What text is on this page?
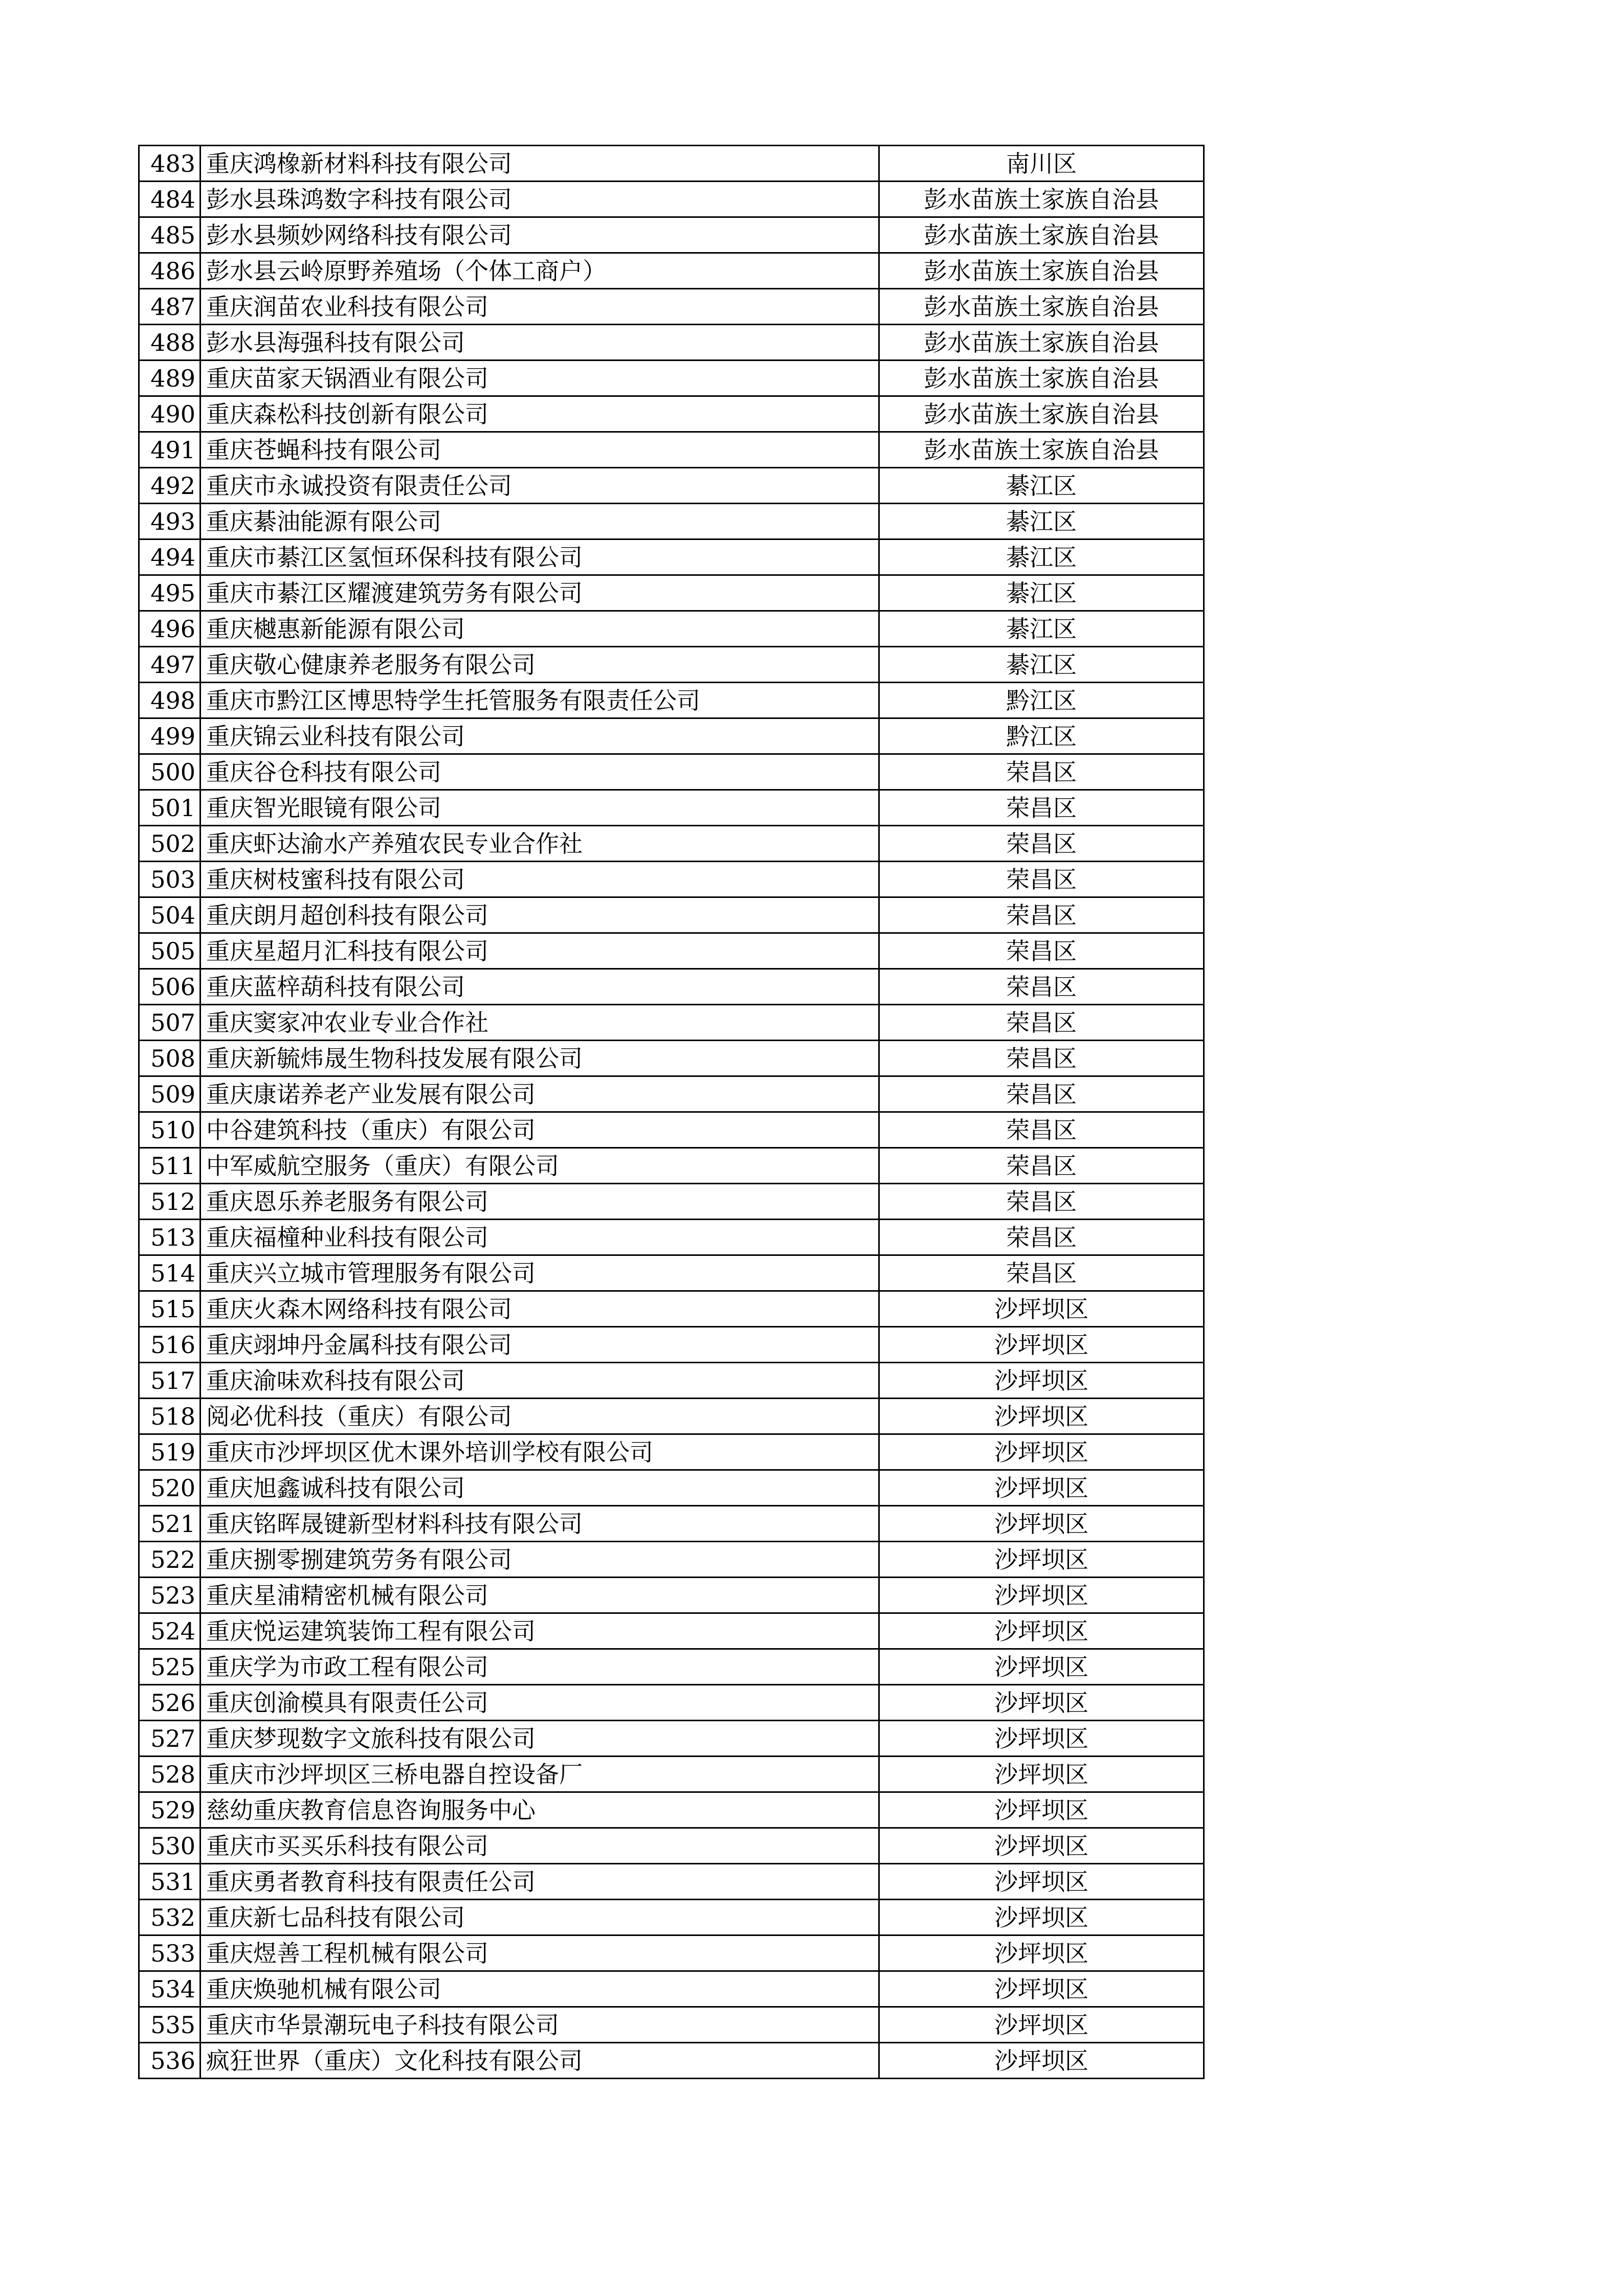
483	重庆鸿橡新材料科技有限公司	南川区
484	彭水县珠鸿数字科技有限公司	彭水苗族土家族自治县
485	彭水县频妙网络科技有限公司	彭水苗族土家族自治县
486	彭水县云岭原野养殖场（个体工商户）	彭水苗族土家族自治县
487	重庆润苗农业科技有限公司	彭水苗族土家族自治县
488	彭水县海强科技有限公司	彭水苗族土家族自治县
489	重庆苗家天锅酒业有限公司	彭水苗族土家族自治县
490	重庆森松科技创新有限公司	彭水苗族土家族自治县
491	重庆苍蝇科技有限公司	彭水苗族土家族自治县
492	重庆市永诚投资有限责任公司	綦江区
493	重庆綦油能源有限公司	綦江区
494	重庆市綦江区氢恒环保科技有限公司	綦江区
495	重庆市綦江区耀渡建筑劳务有限公司	綦江区
496	重庆樾惠新能源有限公司	綦江区
497	重庆敬心健康养老服务有限公司	綦江区
498	重庆市黔江区博思特学生托管服务有限责任公司	黔江区
499	重庆锦云业科技有限公司	黔江区
500	重庆谷仓科技有限公司	荣昌区
501	重庆智光眼镜有限公司	荣昌区
502	重庆虾达渝水产养殖农民专业合作社	荣昌区
503	重庆树枝蜜科技有限公司	荣昌区
504	重庆朗月超创科技有限公司	荣昌区
505	重庆星超月汇科技有限公司	荣昌区
506	重庆蓝梓葫科技有限公司	荣昌区
507	重庆窦家冲农业专业合作社	荣昌区
508	重庆新毓炜晟生物科技发展有限公司	荣昌区
509	重庆康诺养老产业发展有限公司	荣昌区
510	中谷建筑科技（重庆）有限公司	荣昌区
511	中军威航空服务（重庆）有限公司	荣昌区
512	重庆恩乐养老服务有限公司	荣昌区
513	重庆福橦种业科技有限公司	荣昌区
514	重庆兴立城市管理服务有限公司	荣昌区
515	重庆火森木网络科技有限公司	沙坪坝区
516	重庆翊坤丹金属科技有限公司	沙坪坝区
517	重庆渝味欢科技有限公司	沙坪坝区
518	阅必优科技（重庆）有限公司	沙坪坝区
519	重庆市沙坪坝区优木课外培训学校有限公司	沙坪坝区
520	重庆旭鑫诚科技有限公司	沙坪坝区
521	重庆铭晖晟键新型材料科技有限公司	沙坪坝区
522	重庆捌零捌建筑劳务有限公司	沙坪坝区
523	重庆星浦精密机械有限公司	沙坪坝区
524	重庆悦运建筑装饰工程有限公司	沙坪坝区
525	重庆学为市政工程有限公司	沙坪坝区
526	重庆创渝模具有限责任公司	沙坪坝区
527	重庆梦现数字文旅科技有限公司	沙坪坝区
528	重庆市沙坪坝区三桥电器自控设备厂	沙坪坝区
529	慈幼重庆教育信息咨询服务中心	沙坪坝区
530	重庆市买买乐科技有限公司	沙坪坝区
531	重庆勇者教育科技有限责任公司	沙坪坝区
532	重庆新七品科技有限公司	沙坪坝区
533	重庆煜善工程机械有限公司	沙坪坝区
534	重庆焕驰机械有限公司	沙坪坝区
535	重庆市华景潮玩电子科技有限公司	沙坪坝区
536	疯狂世界（重庆）文化科技有限公司	沙坪坝区
